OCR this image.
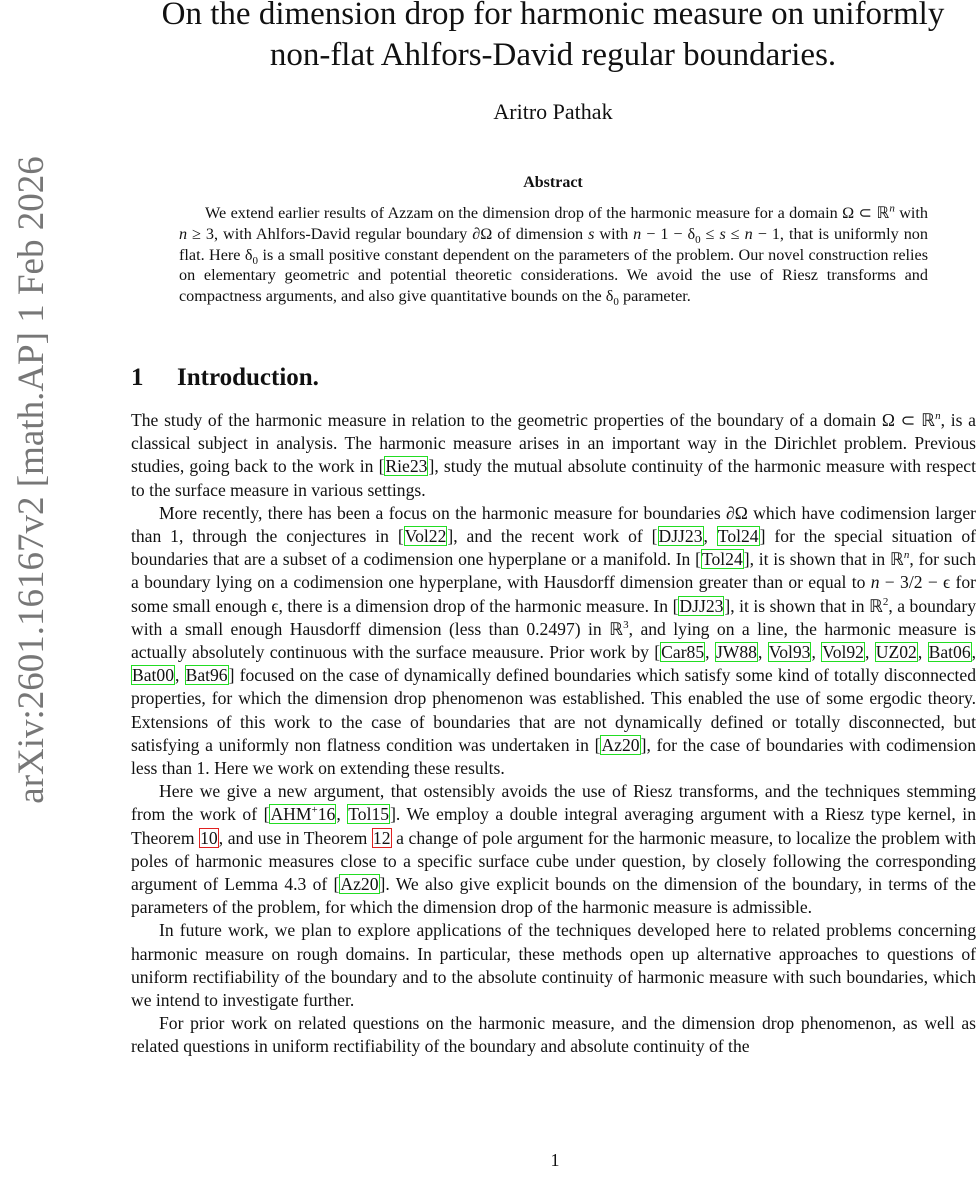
arXiv:2601.16167v2 [math.AP] 1 Feb 2026
On the dimension drop for harmonic measure on uniformly
non-flat Ahlfors-David regular boundaries.
Aritro Pathak
Abstract

We extend earlier results of Azzam on the dimension drop of the harmonic measure for a domain Ω ⊂ ℝ$^n$ with n ≥ 3, with Ahlfors-David regular boundary ∂Ω of dimension s with $n - 1 - \delta_0 \le s \le n - 1$, that is uniformly non flat. Here $\delta_0$ is a small positive constant dependent on the parameters of the problem. Our novel construction relies on elementary geometric and potential theoretic considerations. We avoid the use of Riesz transforms and compactness arguments, and also give quantitative bounds on the $\delta_0$ parameter.

1 Introduction.

The study of the harmonic measure in relation to the geometric properties of the boundary of a domain Ω ⊂ ℝ$^n$, is a classical subject in analysis. The harmonic measure arises in an important way in the Dirichlet problem. Previous studies, going back to the work in [Rie23], study the mutual absolute continuity of the harmonic measure with respect to the surface measure in various settings.

More recently, there has been a focus on the harmonic measure for boundaries ∂Ω which have codimension larger than 1, through the conjectures in [Vol22], and the recent work of [DJJ23, Tol24] for the special situation of boundaries that are a subset of a codimension one hyperplane or a manifold. In [Tol24], it is shown that in ℝ$^n$, for such a boundary lying on a codimension one hyperplane, with Hausdorff dimension greater than or equal to n − 3/2 − ϵ for some small enough ϵ, there is a dimension drop of the harmonic measure. In [DJJ23], it is shown that in ℝ$^2$, a boundary with a small enough Hausdorff dimension (less than 0.2497) in ℝ$^3$, and lying on a line, the harmonic measure is actually absolutely continuous with the surface meausure. Prior work by [Car85, JW88, Vol93, Vol92, UZ02, Bat06, Bat00, Bat96] focused on the case of dynamically defined boundaries which satisfy some kind of totally disconnected properties, for which the dimension drop phenomenon was established. This enabled the use of some ergodic theory. Extensions of this work to the case of boundaries that are not dynamically defined or totally disconnected, but satisfying a uniformly non flatness condition was undertaken in [Az20], for the case of boundaries with codimension less than 1. Here we work on extending these results.

Here we give a new argument, that ostensibly avoids the use of Riesz transforms, and the techniques stemming from the work of [AHM+16, Tol15]. We employ a double integral averaging argument with a Riesz type kernel, in Theorem 10, and use in Theorem 12 a change of pole argument for the harmonic measure, to localize the problem with poles of harmonic measures close to a specific surface cube under question, by closely following the corresponding argument of Lemma 4.3 of [Az20]. We also give explicit bounds on the dimension of the boundary, in terms of the parameters of the problem, for which the dimension drop of the harmonic measure is admissible.

In future work, we plan to explore applications of the techniques developed here to related problems concerning harmonic measure on rough domains. In particular, these methods open up alternative approaches to questions of uniform rectifiability of the boundary and to the absolute continuity of harmonic measure with such boundaries, which we intend to investigate further.

For prior work on related questions on the harmonic measure, and the dimension drop phenomenon, as well as related questions in uniform rectifiability of the boundary and absolute continuity of the

1
